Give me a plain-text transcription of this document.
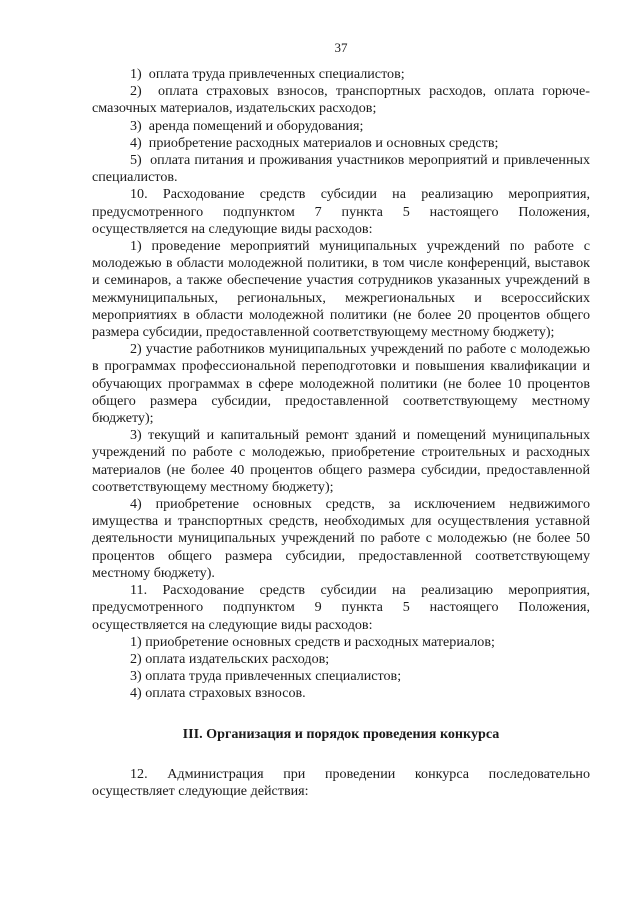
37

1)  оплата труда привлеченных специалистов;

2)  оплата страховых взносов, транспортных расходов, оплата горюче-смазочных материалов, издательских расходов;

3)  аренда помещений и оборудования;

4)  приобретение расходных материалов и основных средств;

5)  оплата питания и проживания участников мероприятий и привлеченных специалистов.

10. Расходование средств субсидии на реализацию мероприятия, предусмотренного подпунктом 7 пункта 5 настоящего Положения, осуществляется на следующие виды расходов:

1) проведение мероприятий муниципальных учреждений по работе с молодежью в области молодежной политики, в том числе конференций, выставок и семинаров, а также обеспечение участия сотрудников указанных учреждений в межмуниципальных, региональных, межрегиональных и всероссийских мероприятиях в области молодежной политики (не более 20 процентов общего размера субсидии, предоставленной соответствующему местному бюджету);

2) участие работников муниципальных учреждений по работе с молодежью в программах профессиональной переподготовки и повышения квалификации и обучающих программах в сфере молодежной политики (не более 10 процентов общего размера субсидии, предоставленной соответствующему местному бюджету);

3) текущий и капитальный ремонт зданий и помещений муниципальных учреждений по работе с молодежью, приобретение строительных и расходных материалов (не более 40 процентов общего размера субсидии, предоставленной соответствующему местному бюджету);

4) приобретение основных средств, за исключением недвижимого имущества и транспортных средств, необходимых для осуществления уставной деятельности муниципальных учреждений по работе с молодежью (не более 50 процентов общего размера субсидии, предоставленной соответствующему местному бюджету).

11. Расходование средств субсидии на реализацию мероприятия, предусмотренного подпунктом 9 пункта 5 настоящего Положения, осуществляется на следующие виды расходов:

1) приобретение основных средств и расходных материалов;

2) оплата издательских расходов;

3) оплата труда привлеченных специалистов;

4) оплата страховых взносов.

III. Организация и порядок проведения конкурса

12. Администрация при проведении конкурса последовательно осуществляет следующие действия:
